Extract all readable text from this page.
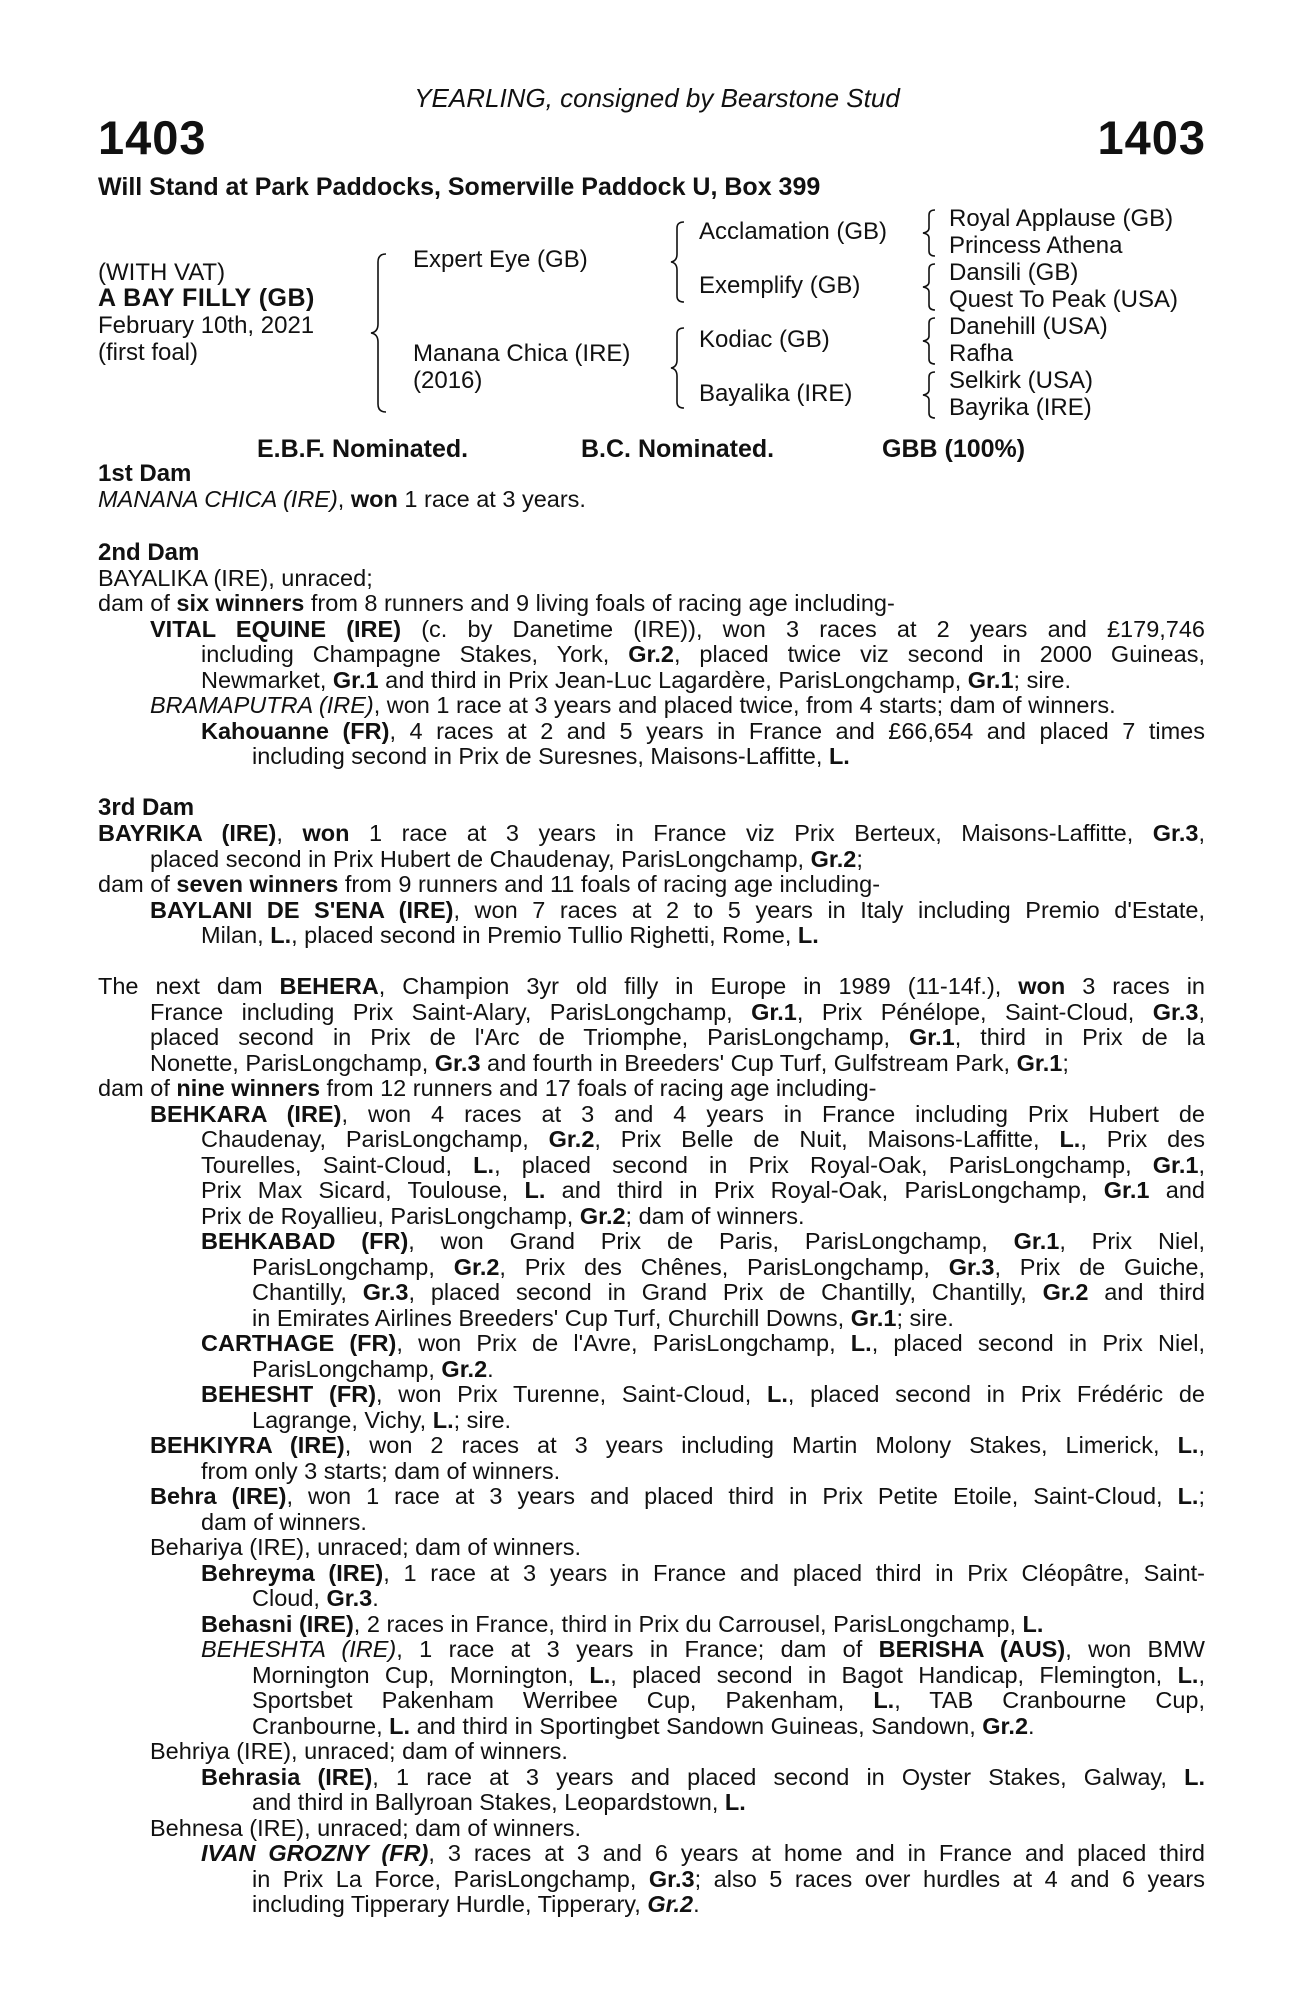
YEARLING, consigned by Bearstone Stud
1403	1403
Will Stand at Park Paddocks, Somerville Paddock U, Box 399
(WITH VAT)
A BAY FILLY (GB)
February 10th, 2021
(first foal)
Expert Eye (GB)
Manana Chica (IRE)
(2016)
Acclamation (GB)
Exemplify (GB)
Kodiac (GB)
Bayalika (IRE)
Royal Applause (GB)
Princess Athena
Dansili (GB)
Quest To Peak (USA)
Danehill (USA)
Rafha
Selkirk (USA)
Bayrika (IRE)
E.B.F. Nominated.	B.C. Nominated.	GBB (100%)
1st Dam
2nd Dam
3rd Dam
MANANA CHICA (IRE), won 1 race at 3 years.
BAYALIKA (IRE), unraced;
dam of six winners from 8 runners and 9 living foals of racing age including-
VITAL EQUINE (IRE) (c. by Danetime (IRE)), won 3 races at 2 years and £179,746
including Champagne Stakes, York, Gr.2, placed twice viz second in 2000 Guineas,
Newmarket, Gr.1 and third in Prix Jean-Luc Lagardère, ParisLongchamp, Gr.1; sire.
BRAMAPUTRA (IRE), won 1 race at 3 years and placed twice, from 4 starts; dam of winners.
Kahouanne (FR), 4 races at 2 and 5 years in France and £66,654 and placed 7 times
including second in Prix de Suresnes, Maisons-Laffitte, L.
BAYRIKA (IRE), won 1 race at 3 years in France viz Prix Berteux, Maisons-Laffitte, Gr.3,
placed second in Prix Hubert de Chaudenay, ParisLongchamp, Gr.2;
dam of seven winners from 9 runners and 11 foals of racing age including-
BAYLANI DE S'ENA (IRE), won 7 races at 2 to 5 years in Italy including Premio d'Estate,
Milan, L., placed second in Premio Tullio Righetti, Rome, L.
The next dam BEHERA, Champion 3yr old filly in Europe in 1989 (11-14f.), won 3 races in
France including Prix Saint-Alary, ParisLongchamp, Gr.1, Prix Pénélope, Saint-Cloud, Gr.3,
placed second in Prix de l'Arc de Triomphe, ParisLongchamp, Gr.1, third in Prix de la
Nonette, ParisLongchamp, Gr.3 and fourth in Breeders' Cup Turf, Gulfstream Park, Gr.1;
dam of nine winners from 12 runners and 17 foals of racing age including-
BEHKARA (IRE), won 4 races at 3 and 4 years in France including Prix Hubert de
Chaudenay, ParisLongchamp, Gr.2, Prix Belle de Nuit, Maisons-Laffitte, L., Prix des
Tourelles, Saint-Cloud, L., placed second in Prix Royal-Oak, ParisLongchamp, Gr.1,
Prix Max Sicard, Toulouse, L. and third in Prix Royal-Oak, ParisLongchamp, Gr.1 and
Prix de Royallieu, ParisLongchamp, Gr.2; dam of winners.
BEHKABAD (FR), won Grand Prix de Paris, ParisLongchamp, Gr.1, Prix Niel,
ParisLongchamp, Gr.2, Prix des Chênes, ParisLongchamp, Gr.3, Prix de Guiche,
Chantilly, Gr.3, placed second in Grand Prix de Chantilly, Chantilly, Gr.2 and third
in Emirates Airlines Breeders' Cup Turf, Churchill Downs, Gr.1; sire.
CARTHAGE (FR), won Prix de l'Avre, ParisLongchamp, L., placed second in Prix Niel,
ParisLongchamp, Gr.2.
BEHESHT (FR), won Prix Turenne, Saint-Cloud, L., placed second in Prix Frédéric de
Lagrange, Vichy, L.; sire.
BEHKIYRA (IRE), won 2 races at 3 years including Martin Molony Stakes, Limerick, L.,
from only 3 starts; dam of winners.
Behra (IRE), won 1 race at 3 years and placed third in Prix Petite Etoile, Saint-Cloud, L.;
dam of winners.
Behariya (IRE), unraced; dam of winners.
Behreyma (IRE), 1 race at 3 years in France and placed third in Prix Cléopâtre, Saint-
Cloud, Gr.3.
Behasni (IRE), 2 races in France, third in Prix du Carrousel, ParisLongchamp, L.
BEHESHTA (IRE), 1 race at 3 years in France; dam of BERISHA (AUS), won BMW
Mornington Cup, Mornington, L., placed second in Bagot Handicap, Flemington, L.,
Sportsbet Pakenham Werribee Cup, Pakenham, L., TAB Cranbourne Cup,
Cranbourne, L. and third in Sportingbet Sandown Guineas, Sandown, Gr.2.
Behriya (IRE), unraced; dam of winners.
Behrasia (IRE), 1 race at 3 years and placed second in Oyster Stakes, Galway, L.
and third in Ballyroan Stakes, Leopardstown, L.
Behnesa (IRE), unraced; dam of winners.
IVAN GROZNY (FR), 3 races at 3 and 6 years at home and in France and placed third
in Prix La Force, ParisLongchamp, Gr.3; also 5 races over hurdles at 4 and 6 years
including Tipperary Hurdle, Tipperary, Gr.2.
